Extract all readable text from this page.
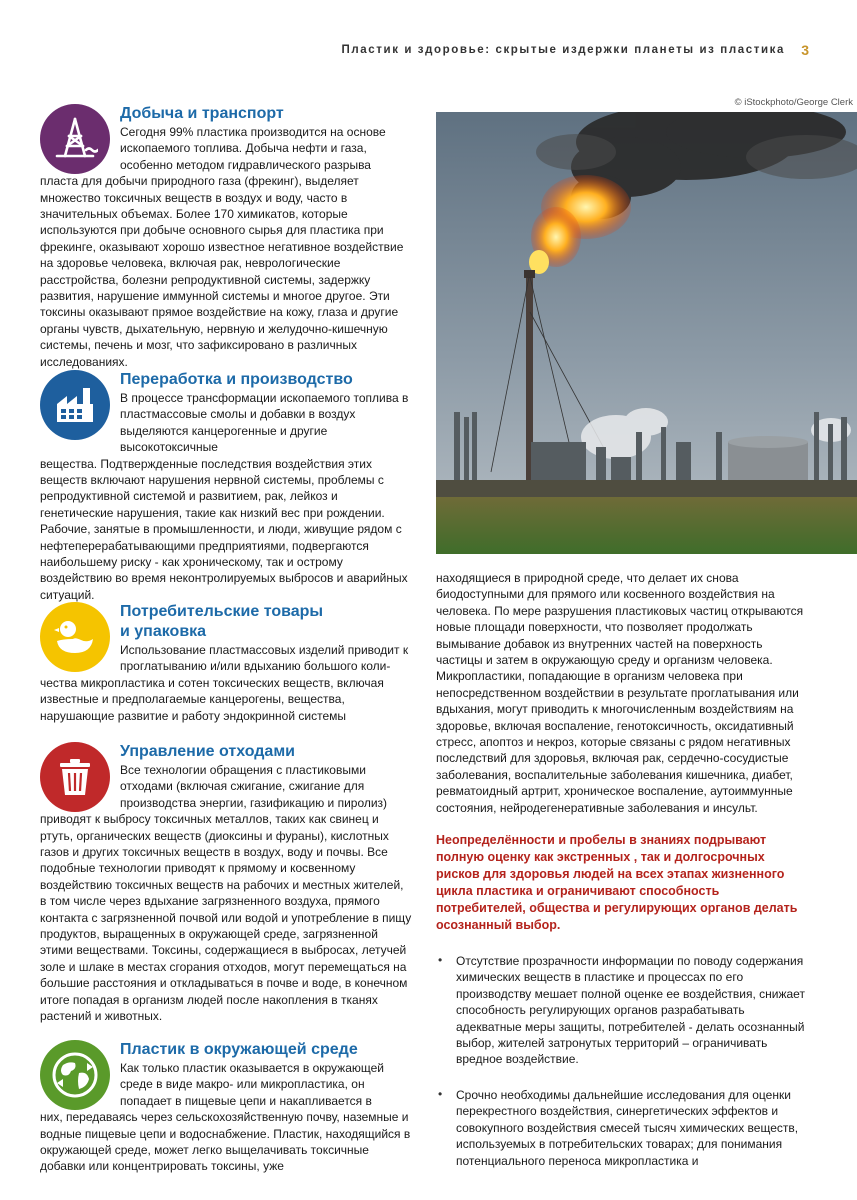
Пластик и здоровье: скрытые издержки планеты из пластика 3
Добыча и транспорт
Сегодня 99% пластика производится на основе ископаемого топлива. Добыча нефти и газа, особенно методом гидравлического разрыва
пласта для добычи природного газа (фрекинг), выделяет множество токсичных веществ в воздух и воду, часто в значительных объемах. Более 170 химикатов, которые используются при добыче основного сырья для пластика при фрекинге, оказывают хорошо известное негативное воздействие на здоровье человека, включая рак, неврологические расстройства, болезни репродуктивной системы, задержку развития, нарушение иммунной системы и многое другое. Эти токсины оказывают прямое воздействие на кожу, глаза и другие органы чувств, дыхательную, нервную и желудочно-кишечную системы, печень и мозг, что зафиксировано в различных исследованиях.
Переработка и производство
В процессе трансформации ископаемого топлива в пластмассовые смолы и добавки в воздух выделяются канцерогенные и другие высокотоксичные
вещества. Подтвержденные последствия воздействия этих веществ включают нарушения нервной системы, проблемы с репродуктивной системой и развитием, рак, лейкоз и генетические нарушения, такие как низкий вес при рождении. Рабочие, занятые в промышленности, и люди, живущие рядом с нефтеперерабатывающими предприятиями, подвергаются наибольшему риску - как хроническому, так и острому воздействию во время неконтролируемых выбросов и аварийных ситуаций.
Потребительские товары
и упаковка
Использование пластмассовых изделий приводит к проглатыванию и/или вдыханию большого коли-
чества микропластика и сотен токсических веществ, включая известные и предполагаемые канцерогены, вещества, нарушающие развитие и работу эндокринной системы
Управление отходами
Все технологии обращения с пластиковыми отходами (включая сжигание, сжигание для производства энергии, газификацию и пиролиз)
приводят к выбросу токсичных металлов, таких как свинец и ртуть, органических веществ (диоксины и фураны), кислотных газов и других токсичных веществ в воздух, воду и почвы. Все подобные технологии приводят к прямому и косвенному воздействию токсичных веществ на рабочих и местных жителей, в том числе через вдыхание загрязненного воздуха, прямого контакта с загрязненной почвой или водой и употребление в пищу продуктов, выращенных в окружающей среде, загрязненной этими веществами. Токсины, содержащиеся в выбросах, летучей золе и шлаке в местах сгорания отходов, могут перемещаться на большие расстояния и откладываться в почве и воде, в конечном итоге попадая в организм людей после накопления в тканях растений и животных.
Пластик в окружающей среде
Как только пластик оказывается в окружающей среде в виде макро- или микропластика, он попадает в пищевые цепи и накапливается в
них, передаваясь через сельскохозяйственную почву, наземные и водные пищевые цепи и водоснабжение. Пластик, находящийся в окружающей среде, может легко выщелачивать токсичные добавки или концентрировать токсины, уже
© iStockphoto/George Clerk
находящиеся в природной среде, что делает их снова биодоступными для прямого или косвенного воздействия на человека. По мере разрушения пластиковых частиц открываются новые площади поверхности, что позволяет продолжать вымывание добавок из внутренних частей на поверхность частицы и затем в окружающую среду и организм человека. Микропластики, попадающие в организм человека при непосредственном воздействии в результате проглатывания или вдыхания, могут приводить к многочисленным воздействиям на здоровье, включая воспаление, генотоксичность, оксидативный стресс, апоптоз и некроз, которые связаны с рядом негативных последствий для здоровья, включая рак, сердечно-сосудистые заболевания, воспалительные заболевания кишечника, диабет, ревматоидный артрит, хроническое воспаление, аутоиммунные состояния, нейродегенеративные заболевания и инсульт.
Неопределённости и пробелы в знаниях подрывают полную оценку как экстренных , так и долгосрочных рисков для здоровья людей на всех этапах жизненного цикла пластика и ограничивают способность потребителей, общества и регулирующих органов делать осознанный выбор.
• Отсутствие прозрачности информации по поводу содержания химических веществ в пластике и процессах по его производству мешает полной оценке ее воздействия, снижает способность регулирующих органов разрабатывать адекватные меры защиты, потребителей - делать осознанный выбор, жителей затронутых территорий – ограничивать вредное воздействие.
• Срочно необходимы дальнейшие исследования для оценки перекрестного воздействия, синергетических эффектов и совокупного воздействия смесей тысяч химических веществ, используемых в потребительских товарах; для понимания потенциального переноса микропластика и
